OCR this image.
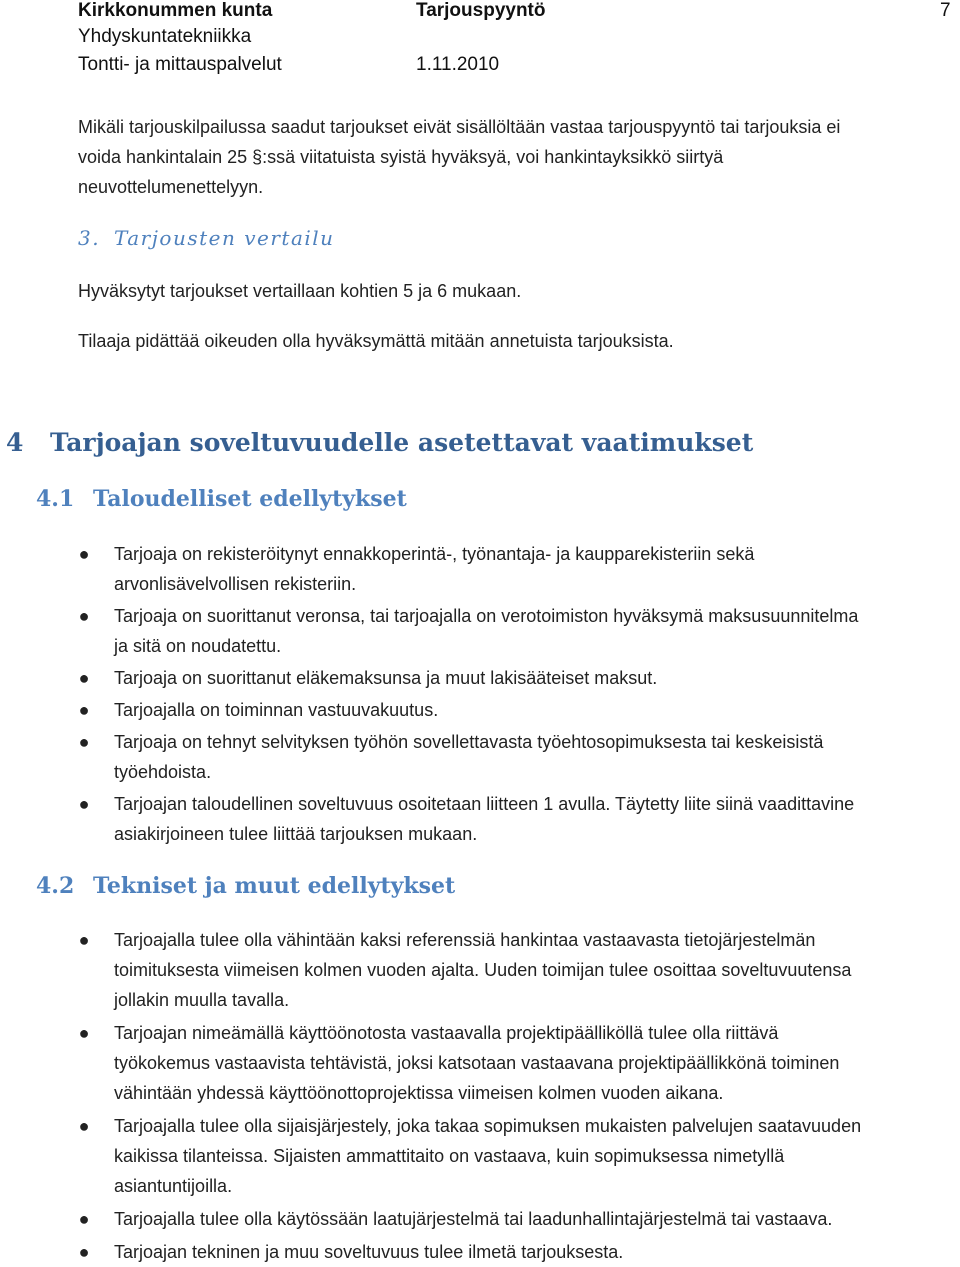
Kirkkonummen kunta	Tarjouspyyntö	7
Yhdyskuntatekniikka
Tontti- ja mittauspalvelut	1.11.2010
Mikäli tarjouskilpailussa saadut tarjoukset eivät sisällöltään vastaa tarjouspyyntö tai tarjouksia ei
voida hankintalain 25 §:ssä viitatuista syistä hyväksyä, voi hankintayksikkö siirtyä
neuvottelumenettelyyn.
3. Tarjousten vertailu
Hyväksytyt tarjoukset vertaillaan kohtien 5 ja 6 mukaan.
Tilaaja pidättää oikeuden olla hyväksymättä mitään annetuista tarjouksista.
4 Tarjoajan soveltuvuudelle asetettavat vaatimukset
4.1 Taloudelliset edellytykset
● Tarjoaja on rekisteröitynyt ennakkoperintä-, työnantaja- ja kaupparekisteriin sekä
arvonlisävelvollisen rekisteriin.
● Tarjoaja on suorittanut veronsa, tai tarjoajalla on verotoimiston hyväksymä maksusuunnitelma
ja sitä on noudatettu.
● Tarjoaja on suorittanut eläkemaksunsa ja muut lakisääteiset maksut.
● Tarjoajalla on toiminnan vastuuvakuutus.
● Tarjoaja on tehnyt selvityksen työhön sovellettavasta työehtosopimuksesta tai keskeisistä
työehdoista.
● Tarjoajan taloudellinen soveltuvuus osoitetaan liitteen 1 avulla. Täytetty liite siinä vaadittavine
asiakirjoineen tulee liittää tarjouksen mukaan.
4.2 Tekniset ja muut edellytykset
● Tarjoajalla tulee olla vähintään kaksi referenssiä hankintaa vastaavasta tietojärjestelmän
toimituksesta viimeisen kolmen vuoden ajalta. Uuden toimijan tulee osoittaa soveltuvuutensa
jollakin muulla tavalla.
● Tarjoajan nimeämällä käyttöönotosta vastaavalla projektipäälliköllä tulee olla riittävä
työkokemus vastaavista tehtävistä, joksi katsotaan vastaavana projektipäällikkönä toiminen
vähintään yhdessä käyttöönottoprojektissa viimeisen kolmen vuoden aikana.
● Tarjoajalla tulee olla sijaisjärjestely, joka takaa sopimuksen mukaisten palvelujen saatavuuden
kaikissa tilanteissa. Sijaisten ammattitaito on vastaava, kuin sopimuksessa nimetyllä
asiantuntijoilla.
● Tarjoajalla tulee olla käytössään laatujärjestelmä tai laadunhallintajärjestelmä tai vastaava.
● Tarjoajan tekninen ja muu soveltuvuus tulee ilmetä tarjouksesta.
